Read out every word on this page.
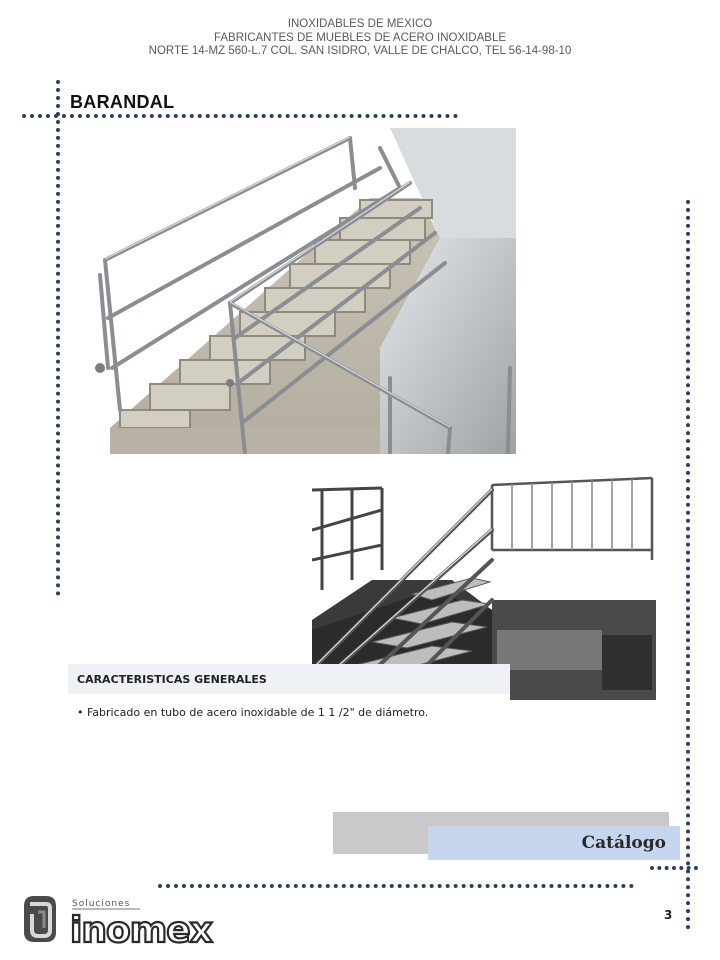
INOXIDABLES DE MEXICO
FABRICANTES DE MUEBLES DE ACERO INOXIDABLE
NORTE 14-MZ 560-L.7 COL. SAN ISIDRO, VALLE DE CHALCO, TEL 56-14-98-10
BARANDAL
CARACTERISTICAS GENERALES
• Fabricado en tubo de acero inoxidable de 1 1 /2" de diámetro.
Catálogo
3
Soluciones
inomex
